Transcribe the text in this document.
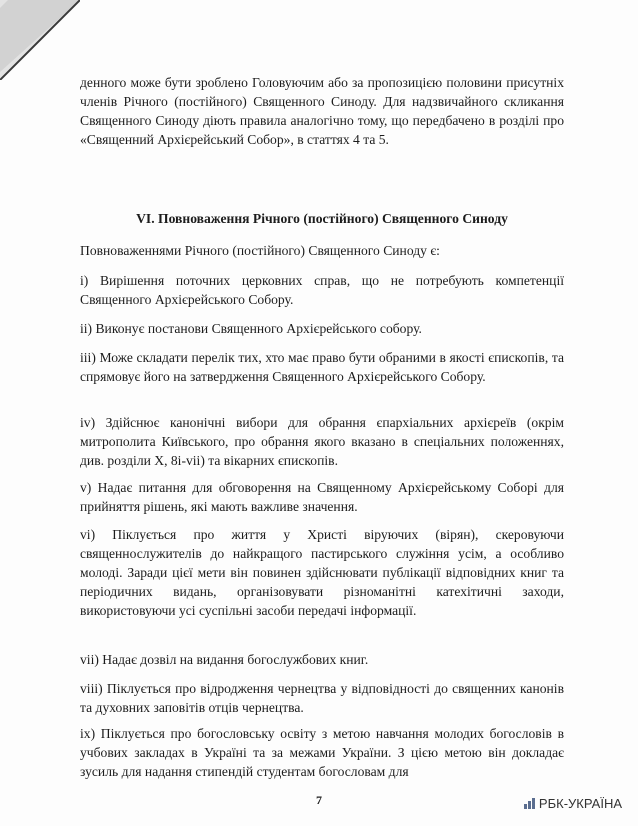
денного може бути зроблено Головуючим або за пропозицією половини присутніх членів Річного (постійного) Священного Синоду. Для надзвичайного скликання Священного Синоду діють правила аналогічно тому, що передбачено в розділі про «Священний Архієрейський Собор», в статтях 4 та 5.

VI. Повноваження Річного (постійного) Священного Синоду

Повноваженнями Річного (постійного) Священного Синоду є:

i) Вирішення поточних церковних справ, що не потребують компетенції Священного Архієрейського Собору.

ii) Виконує постанови Священного Архієрейського собору.

iii) Може складати перелік тих, хто має право бути обраними в якості єпископів, та спрямовує його на затвердження Священного Архієрейського Собору.

iv) Здійснює канонічні вибори для обрання єпархіальних архієреїв (окрім митрополита Київського, про обрання якого вказано в спеціальних положеннях, див. розділи X, 8і-vii) та вікарних єпископів.

v) Надає питання для обговорення на Священному Архієрейському Соборі для прийняття рішень, які мають важливе значення.

vi) Піклується про життя у Христі віруючих (вірян), скеровуючи священнослужителів до найкращого пастирського служіння усім, а особливо молоді. Заради цієї мети він повинен здійснювати публікації відповідних книг та періодичних видань, організовувати різноманітні катехітичні заходи, використовуючи усі суспільні засоби передачі інформації.

vii) Надає дозвіл на видання богослужбових книг.

viii) Піклується про відродження чернецтва у відповідності до священних канонів та духовних заповітів отців чернецтва.

ix) Піклується про богословську освіту з метою навчання молодих богословів в учбових закладах в Україні та за межами України. З цією метою він докладає зусиль для надання стипендій студентам богословам для

7	РБК-УКРАЇНА
